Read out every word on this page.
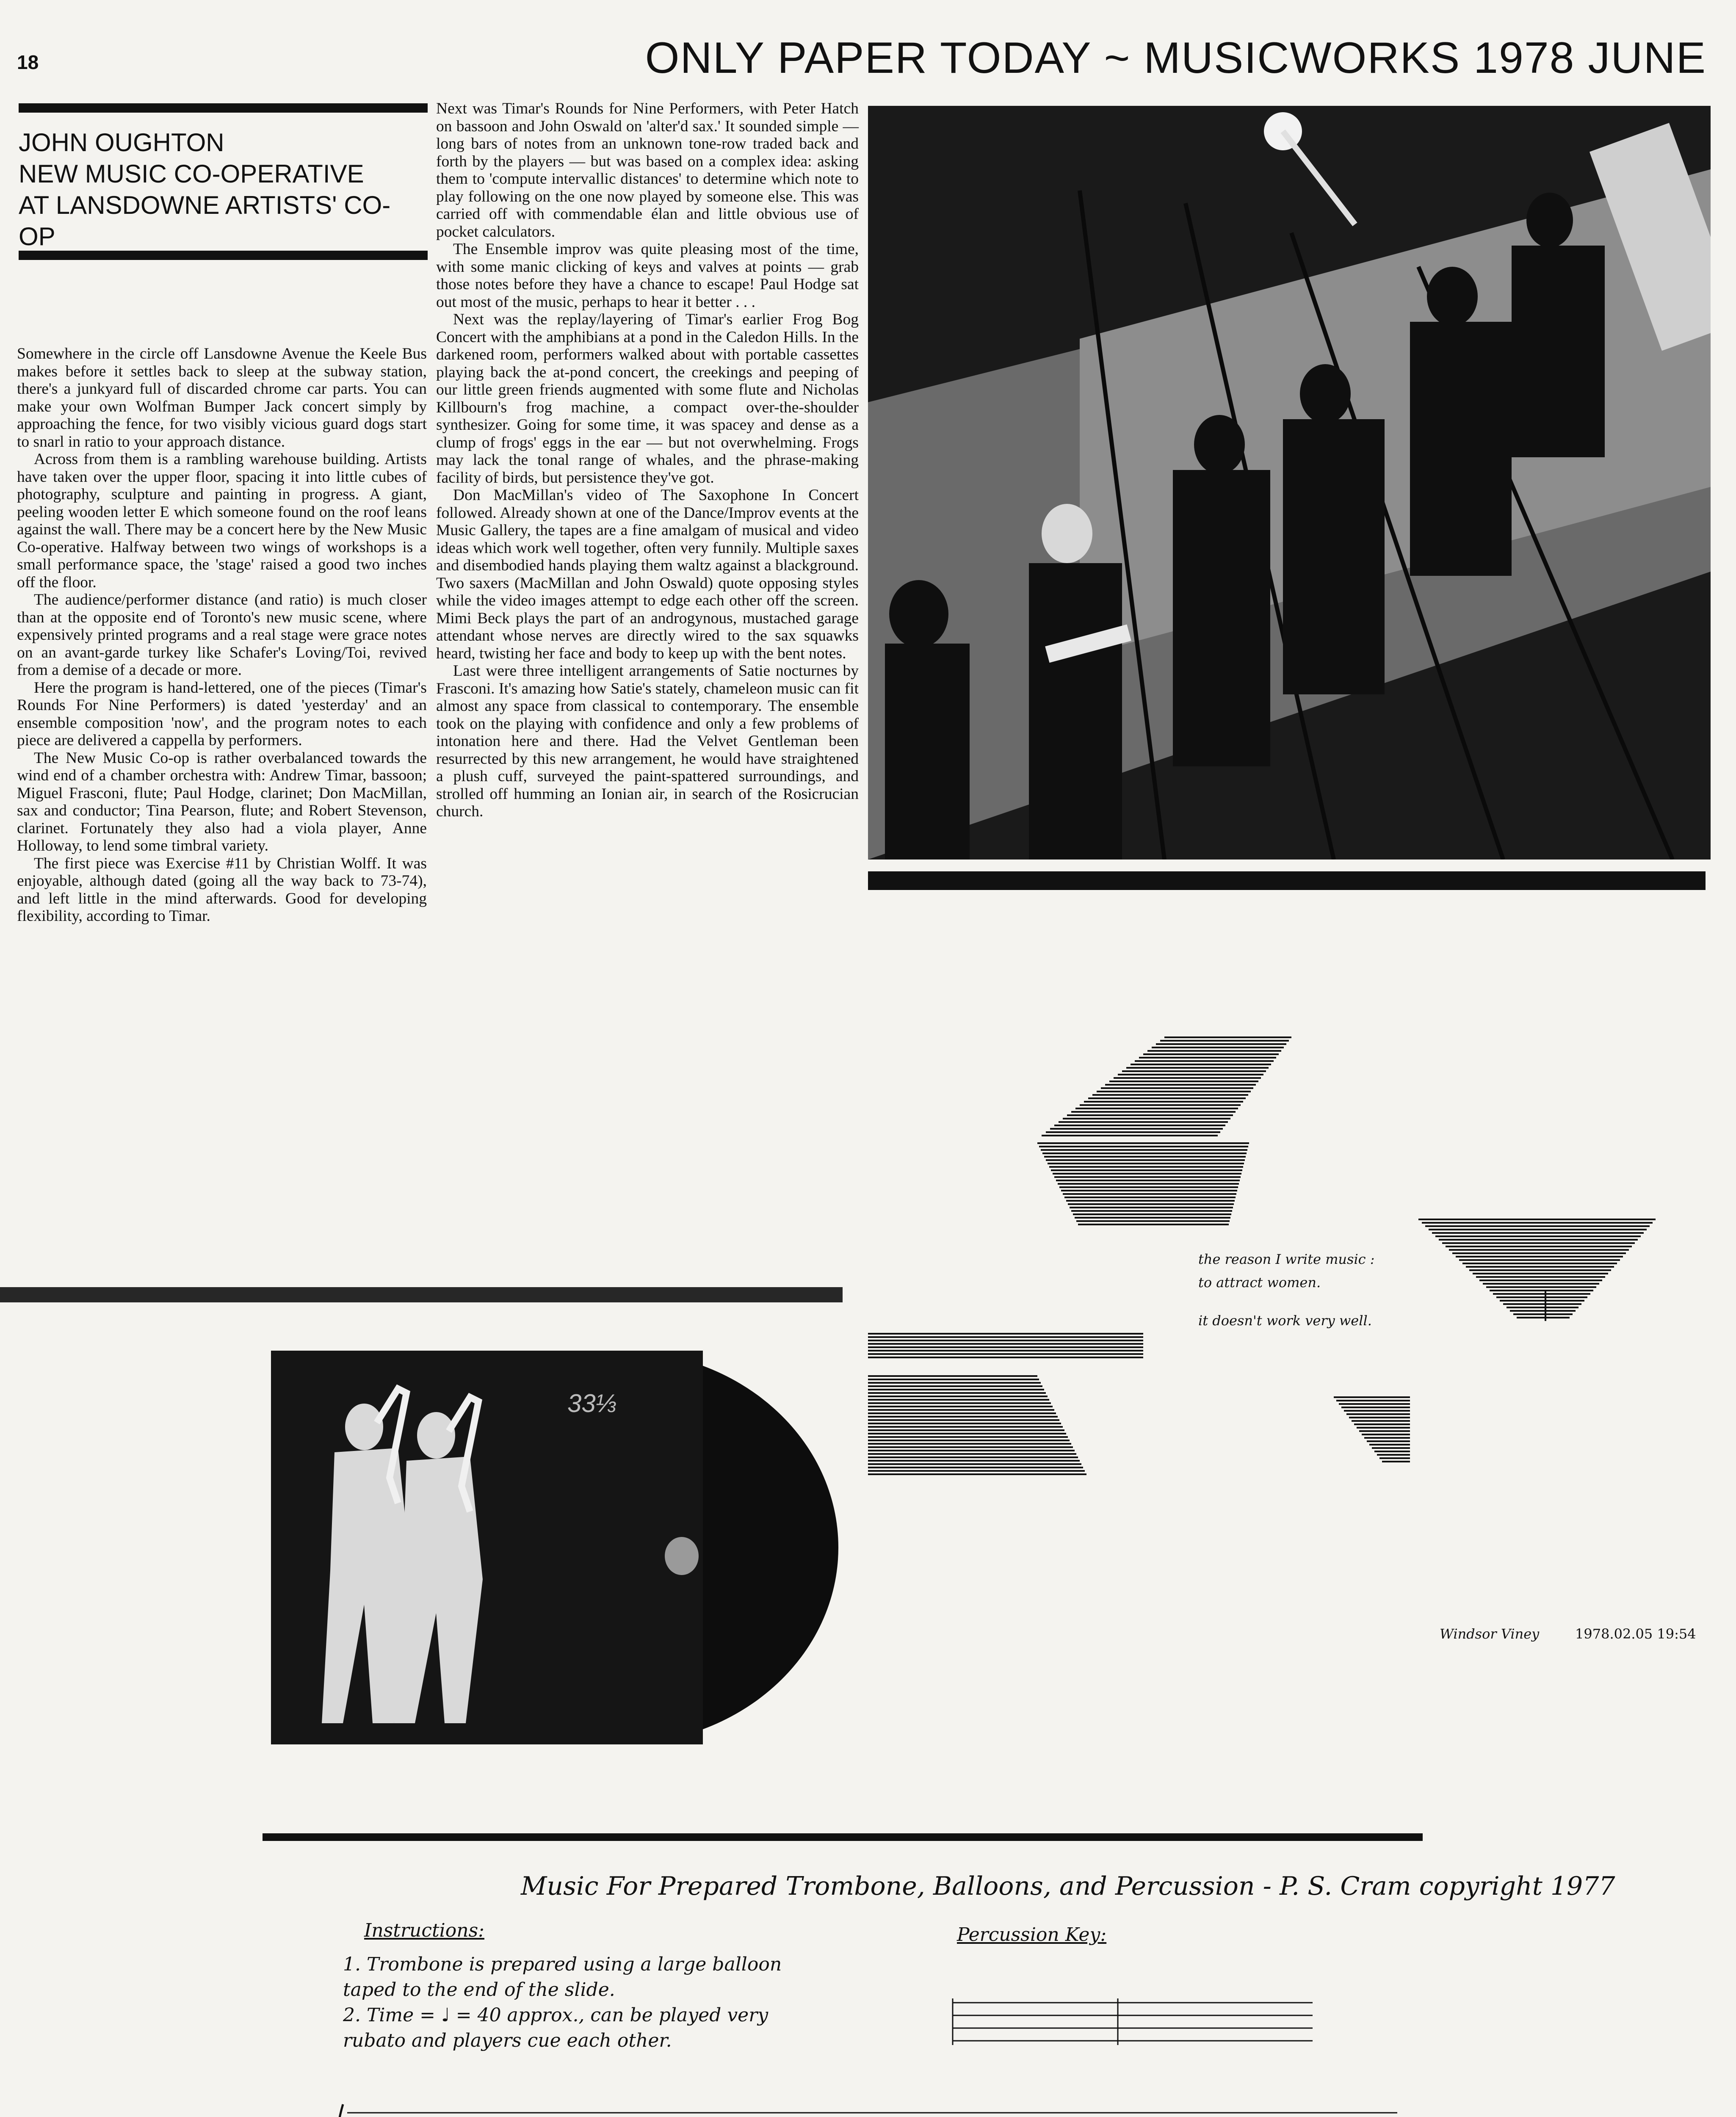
18	ONLY PAPER TODAY ~ MUSICWORKS 1978 JUNE
JOHN OUGHTON
NEW MUSIC CO-OPERATIVE
AT LANSDOWNE ARTISTS' CO-OP

Somewhere in the circle off Lansdowne Avenue the Keele Bus makes before it settles back to sleep at the subway station, there's a junkyard full of discarded chrome car parts. You can make your own Wolfman Bumper Jack concert simply by approaching the fence, for two visibly vicious guard dogs start to snarl in ratio to your approach distance.

Across from them is a rambling warehouse building. Artists have taken over the upper floor, spacing it into little cubes of photography, sculpture and painting in progress. A giant, peeling wooden letter E which someone found on the roof leans against the wall. There may be a concert here by the New Music Co-operative. Halfway between two wings of workshops is a small performance space, the 'stage' raised a good two inches off the floor.

The audience/performer distance (and ratio) is much closer than at the opposite end of Toronto's new music scene, where expensively printed programs and a real stage were grace notes on an avant-garde turkey like Schafer's Loving/Toi, revived from a demise of a decade or more.

Here the program is hand-lettered, one of the pieces (Timar's Rounds For Nine Performers) is dated 'yesterday' and an ensemble composition 'now', and the program notes to each piece are delivered a cappella by performers.

The New Music Co-op is rather overbalanced towards the wind end of a chamber orchestra with: Andrew Timar, bassoon; Miguel Frasconi, flute; Paul Hodge, clarinet; Don MacMillan, sax and conductor; Tina Pearson, flute; and Robert Stevenson, clarinet. Fortunately they also had a viola player, Anne Holloway, to lend some timbral variety.

The first piece was Exercise #11 by Christian Wolff. It was enjoyable, although dated (going all the way back to 73-74), and left little in the mind afterwards. Good for developing flexibility, according to Timar.

Next was Timar's Rounds for Nine Performers, with Peter Hatch on bassoon and John Oswald on 'alter'd sax.' It sounded simple — long bars of notes from an unknown tone-row traded back and forth by the players — but was based on a complex idea: asking them to 'compute intervallic distances' to determine which note to play following on the one now played by someone else. This was carried off with commendable élan and little obvious use of pocket calculators.

The Ensemble improv was quite pleasing most of the time, with some manic clicking of keys and valves at points — grab those notes before they have a chance to escape! Paul Hodge sat out most of the music, perhaps to hear it better . . .

Next was the replay/layering of Timar's earlier Frog Bog Concert with the amphibians at a pond in the Caledon Hills. In the darkened room, performers walked about with portable cassettes playing back the at-pond concert, the creekings and peeping of our little green friends augmented with some flute and Nicholas Killbourn's frog machine, a compact over-the-shoulder synthesizer. Going for some time, it was spacey and dense as a clump of frogs' eggs in the ear — but not overwhelming. Frogs may lack the tonal range of whales, and the phrase-making facility of birds, but persistence they've got.

Don MacMillan's video of The Saxophone In Concert followed. Already shown at one of the Dance/Improv events at the Music Gallery, the tapes are a fine amalgam of musical and video ideas which work well together, often very funnily. Multiple saxes and disembodied hands playing them waltz against a blackground. Two saxers (MacMillan and John Oswald) quote opposing styles while the video images attempt to edge each other off the screen. Mimi Beck plays the part of an androgynous, mustached garage attendant whose nerves are directly wired to the sax squawks heard, twisting her face and body to keep up with the bent notes.

Last were three intelligent arrangements of Satie nocturnes by Frasconi. It's amazing how Satie's stately, chameleon music can fit almost any space from classical to contemporary. The ensemble took on the playing with confidence and only a few problems of intonation here and there. Had the Velvet Gentleman been resurrected by this new arrangement, he would have straightened a plush cuff, surveyed the paint-spattered surroundings, and strolled off humming an Ionian air, in search of the Rosicrucian church.

33⅓
the reason I write music :
to attract women.
it doesn't work very well.
Windsor Viney	1978.02.05 19:54
Music For Prepared Trombone, Balloons, and Percussion - P. S. Cram copyright 1977
Instructions:
1. Trombone is prepared using a large balloon taped to the end of the slide.
2. Time = ♩ = 40 approx., can be played very rubato and players cue each other.
Percussion Key:
